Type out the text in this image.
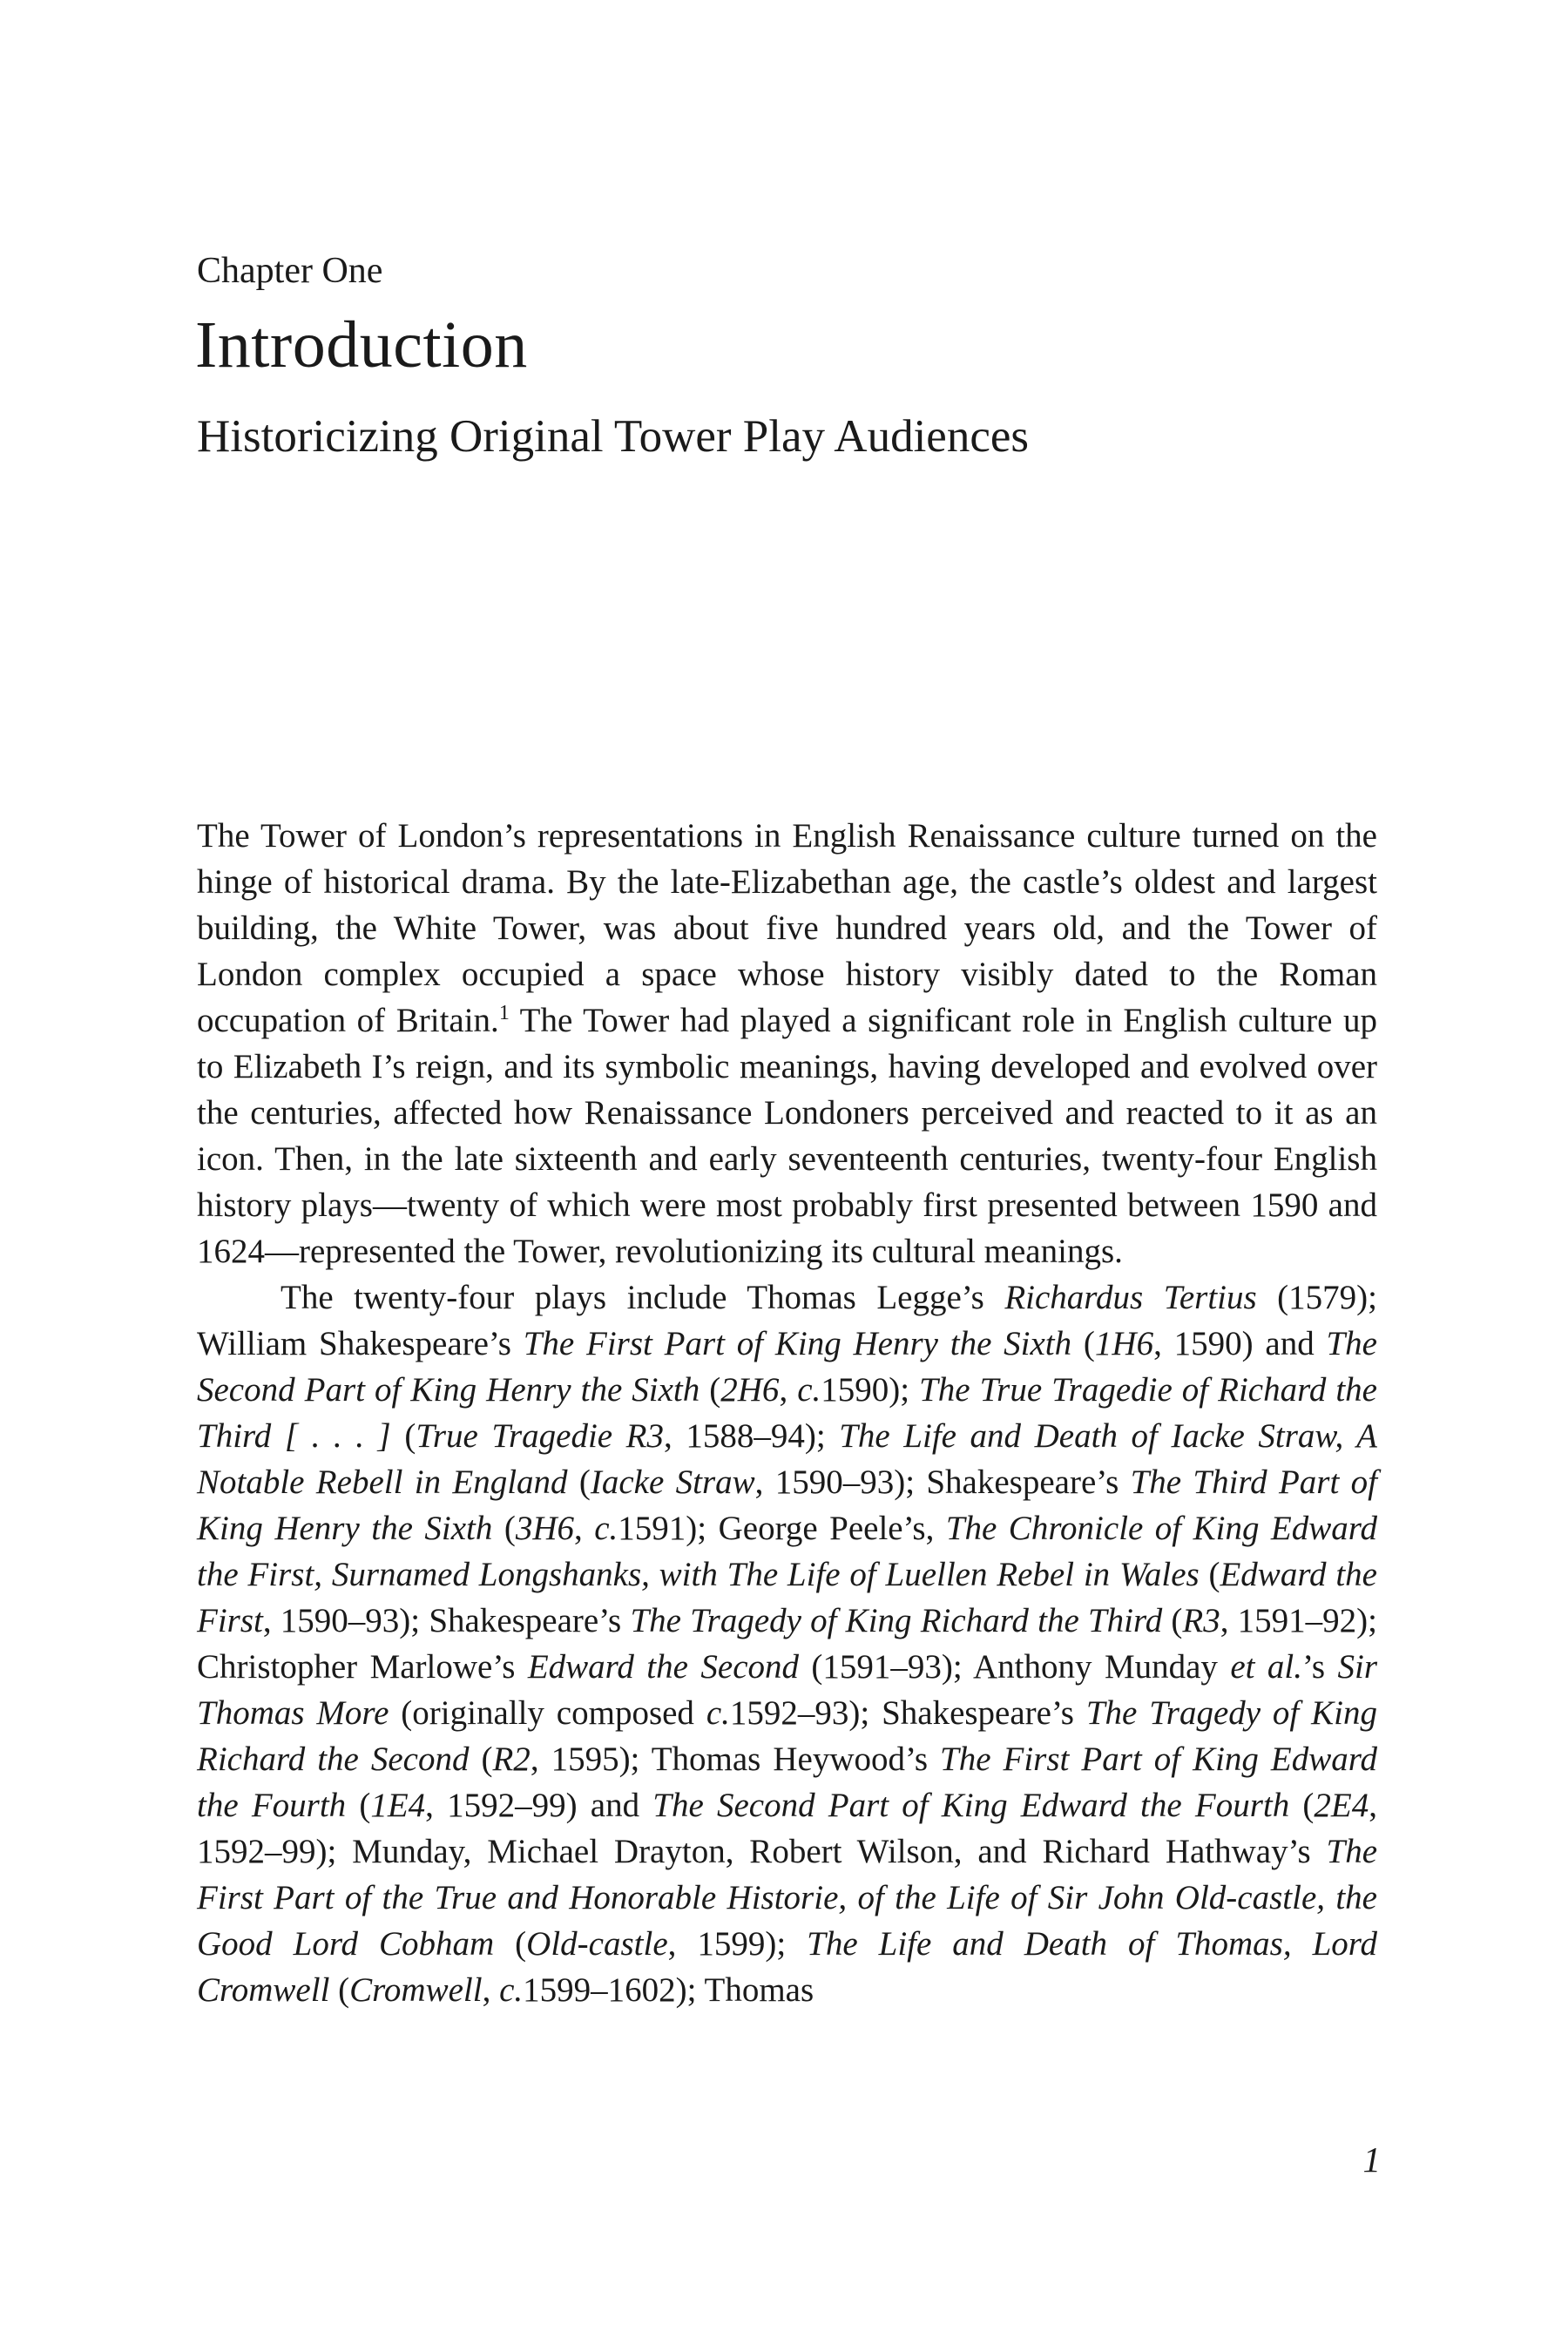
Chapter One
Introduction
Historicizing Original Tower Play Audiences

The Tower of London’s representations in English Renaissance culture turned on the hinge of historical drama. By the late-Elizabethan age, the castle’s oldest and largest building, the White Tower, was about five hundred years old, and the Tower of London complex occupied a space whose history visibly dated to the Roman occupation of Britain.$^1$ The Tower had played a significant role in English culture up to Elizabeth I’s reign, and its symbolic meanings, having developed and evolved over the centuries, affected how Renaissance Londoners perceived and reacted to it as an icon. Then, in the late sixteenth and early seventeenth centuries, twenty-four English history plays—twenty of which were most probably first presented between 1590 and 1624—represented the Tower, revolutionizing its cultural meanings.

The twenty-four plays include Thomas Legge’s Richardus Tertius (1579); William Shakespeare’s The First Part of King Henry the Sixth (1H6, 1590) and The Second Part of King Henry the Sixth (2H6, c.1590); The True Tragedie of Richard the Third [ . . . ] (True Tragedie R3, 1588–94); The Life and Death of Iacke Straw, A Notable Rebell in England (Iacke Straw, 1590–93); Shakespeare’s The Third Part of King Henry the Sixth (3H6, c.1591); George Peele’s, The Chronicle of King Edward the First, Surnamed Longshanks, with The Life of Luellen Rebel in Wales (Edward the First, 1590–93); Shakespeare’s The Tragedy of King Richard the Third (R3, 1591–92); Christopher Marlowe’s Edward the Second (1591–93); Anthony Munday et al.’s Sir Thomas More (originally composed c.1592–93); Shakespeare’s The Tragedy of King Richard the Second (R2, 1595); Thomas Heywood’s The First Part of King Edward the Fourth (1E4, 1592–99) and The Second Part of King Edward the Fourth (2E4, 1592–99); Munday, Michael Drayton, Robert Wilson, and Richard Hathway’s The First Part of the True and Honorable Historie, of the Life of Sir John Old-castle, the Good Lord Cobham (Old-castle, 1599); The Life and Death of Thomas, Lord Cromwell (Cromwell, c.1599–1602); Thomas

1
